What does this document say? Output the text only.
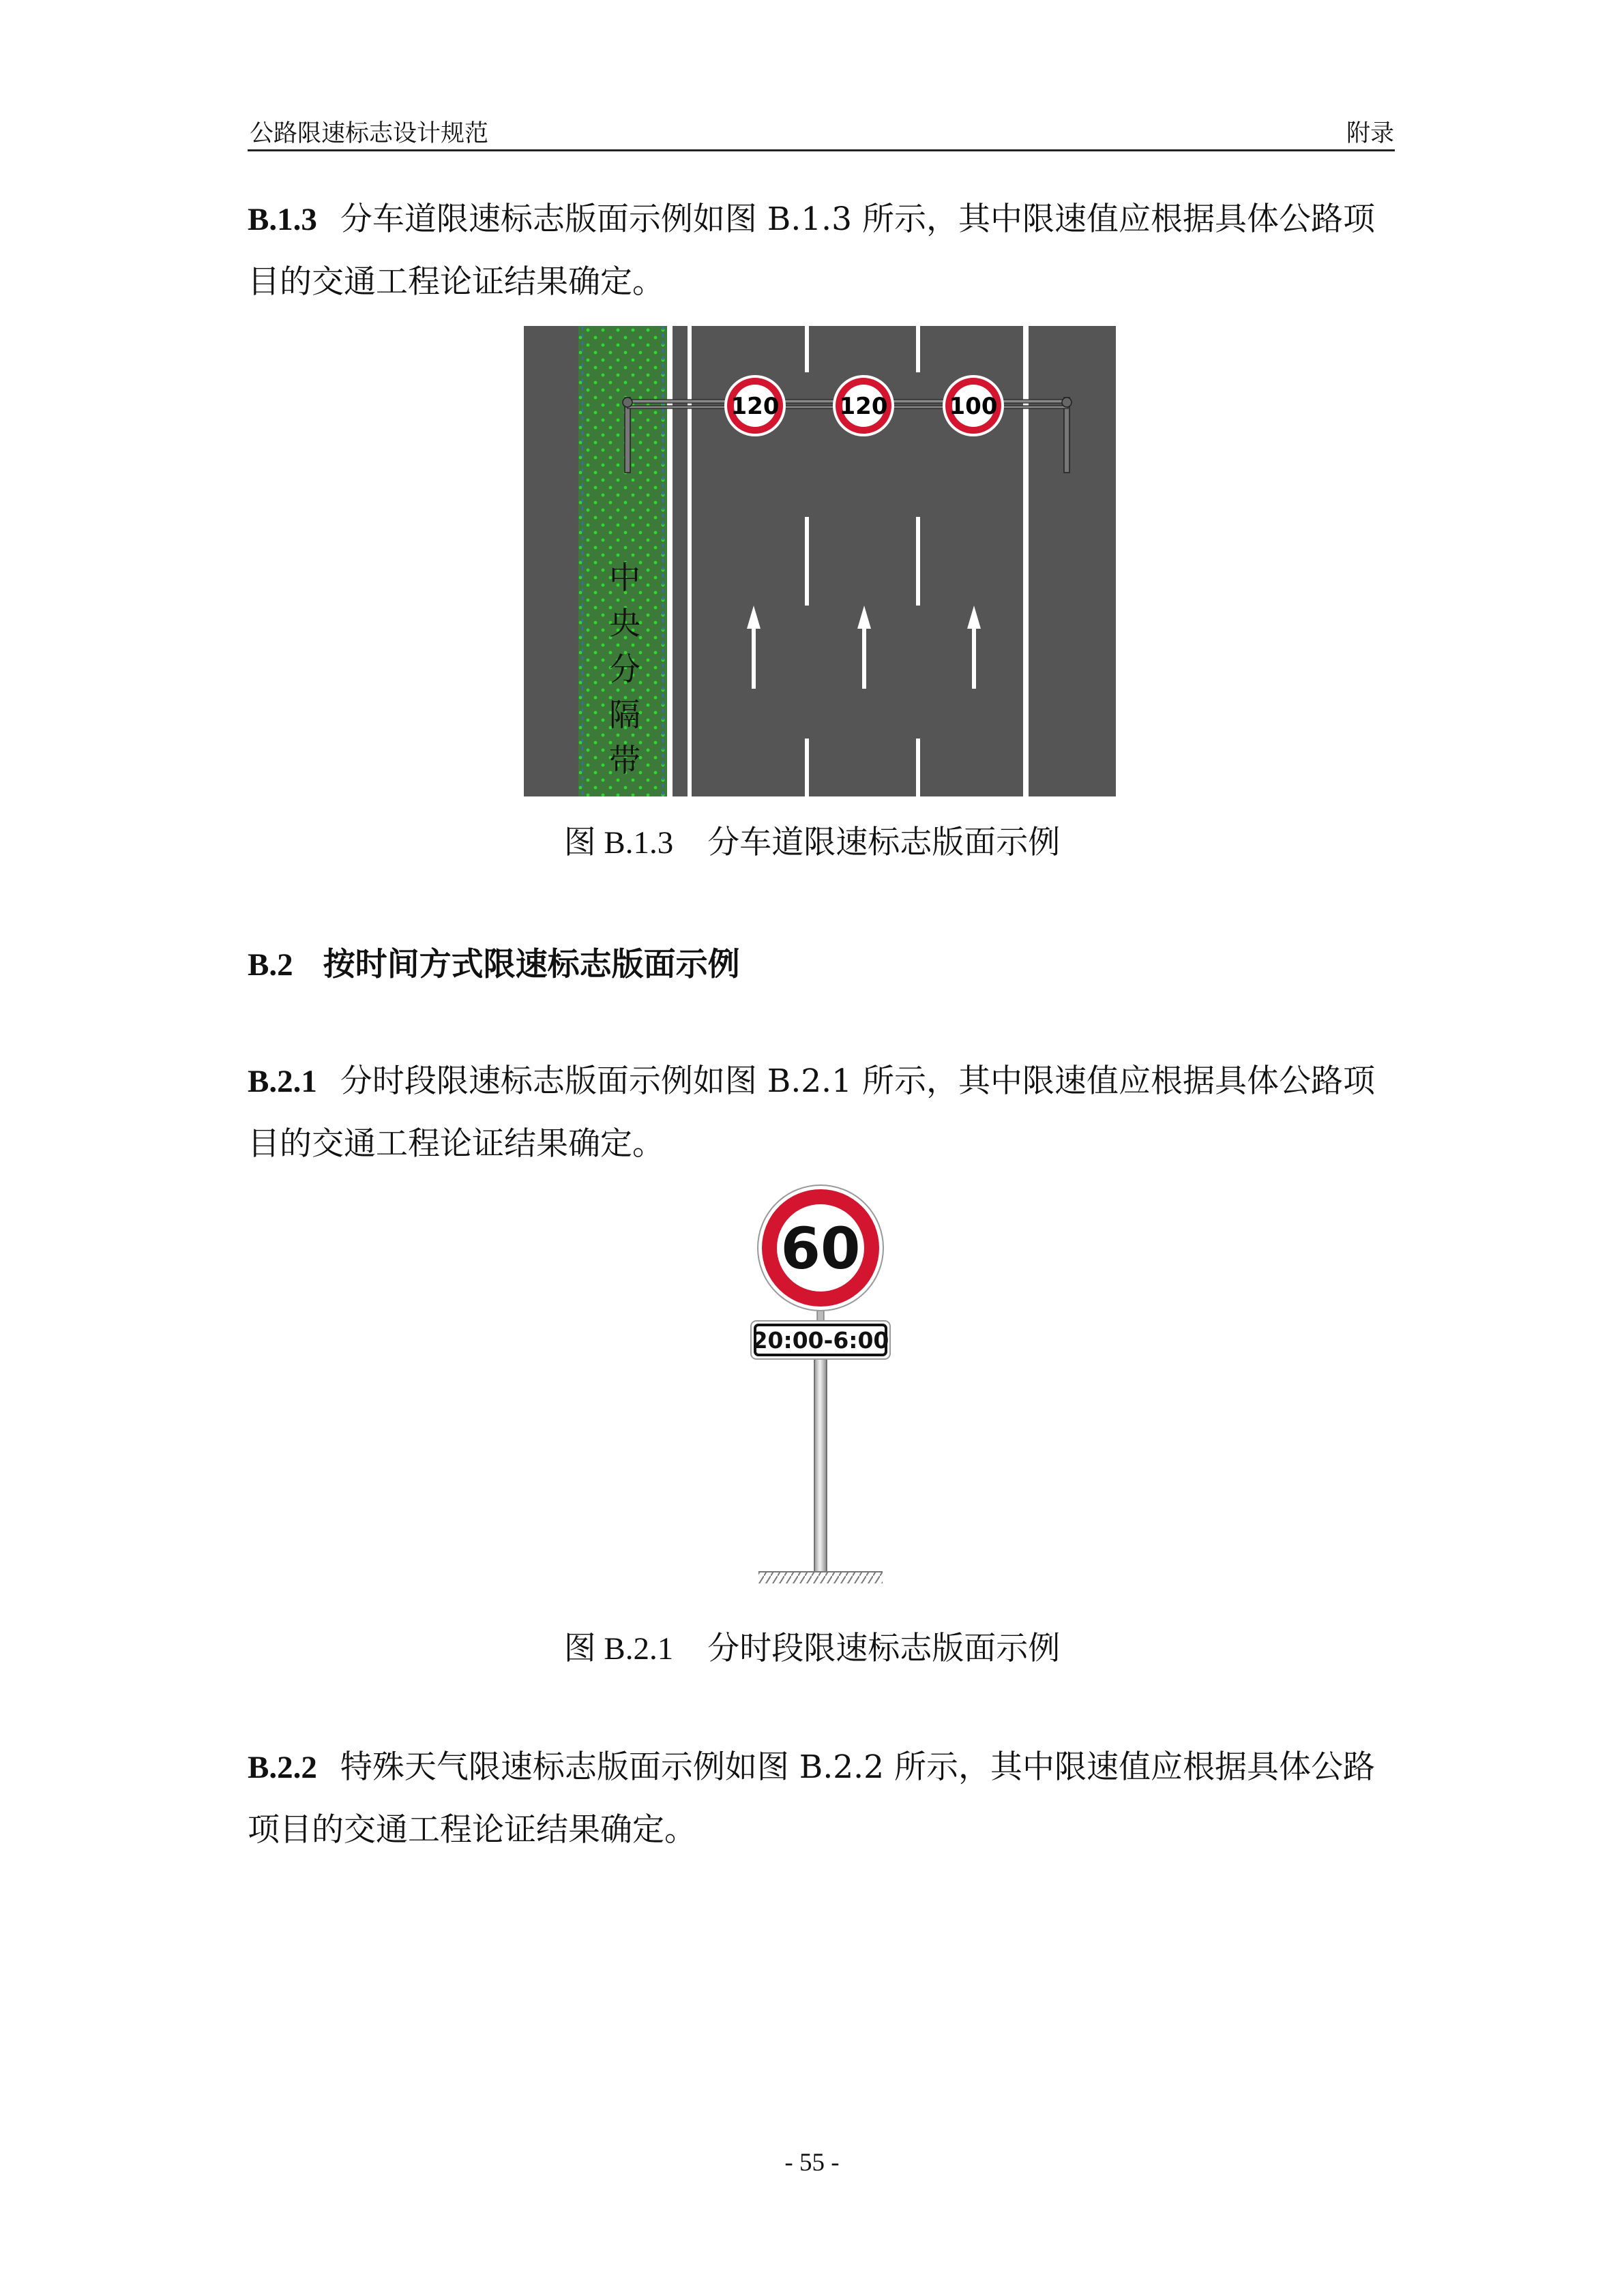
公路限速标志设计规范	附录
B.1.3 分车道限速标志版面示例如图 B.1.3 所示，其中限速值应根据具体公路项
目的交通工程论证结果确定。
120	120	100
中
央
分
隔
带
图 B.1.3 分车道限速标志版面示例
B.2 按时间方式限速标志版面示例
B.2.1 分时段限速标志版面示例如图 B.2.1 所示，其中限速值应根据具体公路项
目的交通工程论证结果确定。
60
20:00-6:00
图 B.2.1 分时段限速标志版面示例
B.2.2 特殊天气限速标志版面示例如图 B.2.2 所示，其中限速值应根据具体公路
项目的交通工程论证结果确定。
- 55 -
